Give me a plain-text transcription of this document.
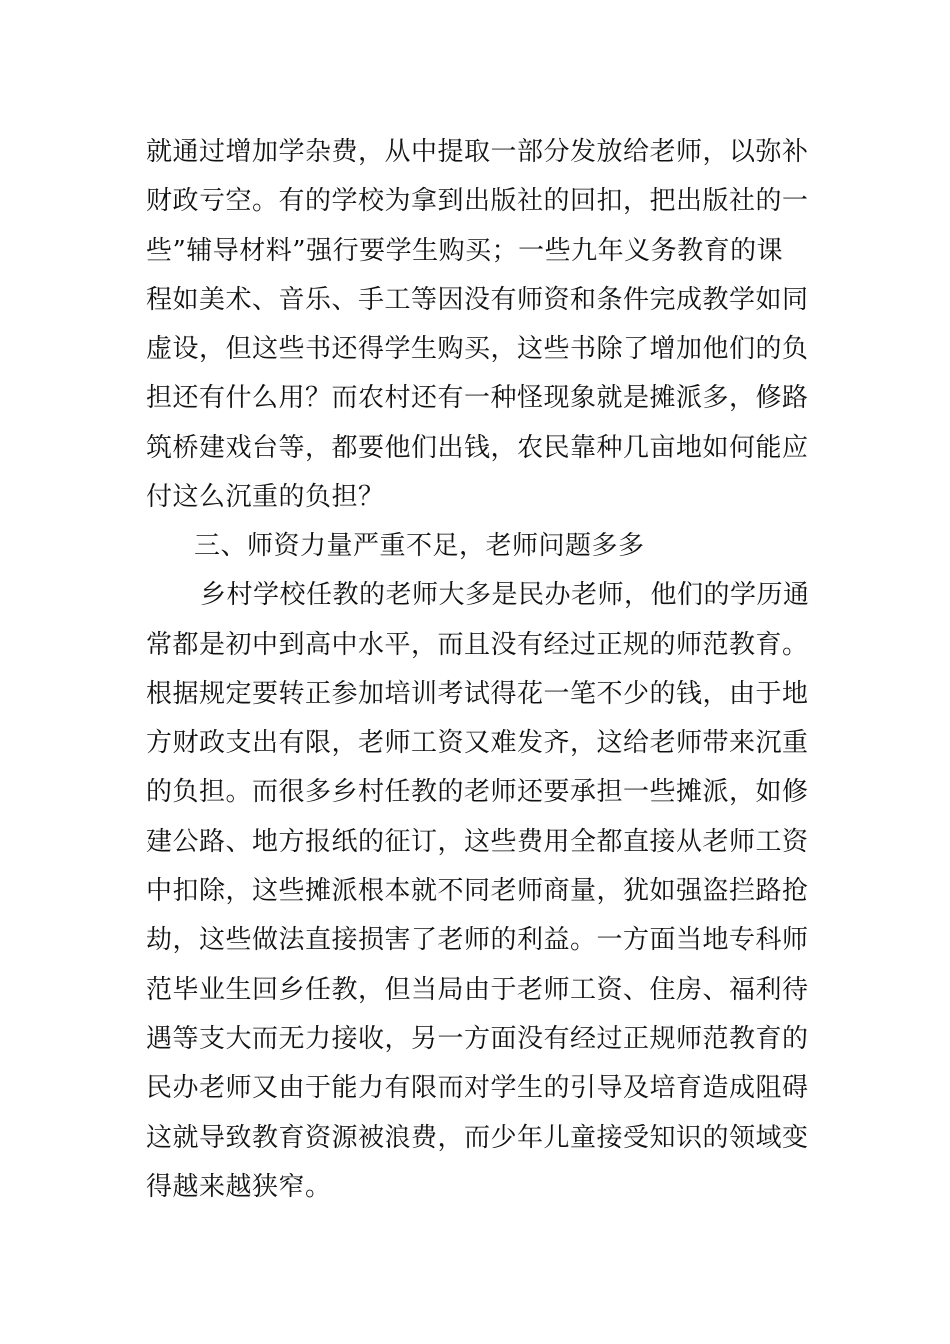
就通过增加学杂费，从中提取一部分发放给老师，以弥补
财政亏空。有的学校为拿到出版社的回扣，把出版社的一
些”辅导材料”强行要学生购买；一些九年义务教育的课
程如美术、音乐、手工等因没有师资和条件完成教学如同
虚设，但这些书还得学生购买，这些书除了增加他们的负
担还有什么用？而农村还有一种怪现象就是摊派多，修路
筑桥建戏台等，都要他们出钱，农民靠种几亩地如何能应
付这么沉重的负担？
三、师资力量严重不足，老师问题多多
乡村学校任教的老师大多是民办老师，他们的学历通
常都是初中到高中水平，而且没有经过正规的师范教育。
根据规定要转正参加培训考试得花一笔不少的钱，由于地
方财政支出有限，老师工资又难发齐，这给老师带来沉重
的负担。而很多乡村任教的老师还要承担一些摊派，如修
建公路、地方报纸的征订，这些费用全都直接从老师工资
中扣除，这些摊派根本就不同老师商量，犹如强盗拦路抢
劫，这些做法直接损害了老师的利益。一方面当地专科师
范毕业生回乡任教，但当局由于老师工资、住房、福利待
遇等支大而无力接收，另一方面没有经过正规师范教育的
民办老师又由于能力有限而对学生的引导及培育造成阻碍
这就导致教育资源被浪费，而少年儿童接受知识的领域变
得越来越狭窄。
